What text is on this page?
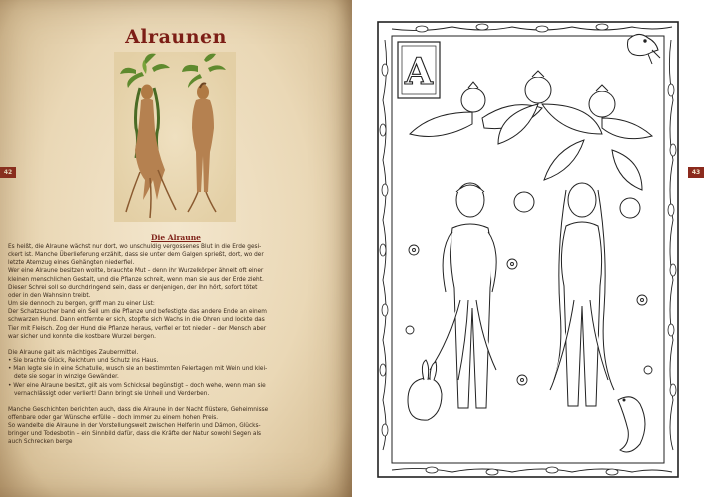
Alraunen
42
Die Alraune

Es heißt, die Alraune wächst nur dort, wo unschuldig vergossenes Blut in die Erde gesi-

ckert ist. Manche Überlieferung erzählt, dass sie unter dem Galgen sprießt, dort, wo der

letzte Atemzug eines Gehängten niederfiel.

Wer eine Alraune besitzen wollte, brauchte Mut – denn ihr Wurzelkörper ähnelt oft einer

kleinen menschlichen Gestalt, und die Pflanze schreit, wenn man sie aus der Erde zieht.

Dieser Schrei soll so durchdringend sein, dass er denjenigen, der ihn hört, sofort tötet

oder in den Wahnsinn treibt.

Um sie dennoch zu bergen, griff man zu einer List:

Der Schatzsucher band ein Seil um die Pflanze und befestigte das andere Ende an einem

schwarzen Hund. Dann entfernte er sich, stopfte sich Wachs in die Ohren und lockte das

Tier mit Fleisch. Zog der Hund die Pflanze heraus, verfiel er tot nieder – der Mensch aber

war sicher und konnte die kostbare Wurzel bergen.

Die Alraune galt als mächtiges Zaubermittel.

• Sie brachte Glück, Reichtum und Schutz ins Haus.

• Man legte sie in eine Schatulle, wusch sie an bestimmten Feiertagen mit Wein und klei-

dete sie sogar in winzige Gewänder.

• Wer eine Alraune besitzt, gilt als vom Schicksal begünstigt – doch wehe, wenn man sie

vernachlässigt oder verliert! Dann bringt sie Unheil und Verderben.

Manche Geschichten berichten auch, dass die Alraune in der Nacht flüstere, Geheimnisse

offenbare oder gar Wünsche erfülle – doch immer zu einem hohen Preis.

So wandelte die Alraune in der Vorstellungswelt zwischen Helferin und Dämon, Glücks-

bringer und Todesbotin – ein Sinnbild dafür, dass die Kräfte der Natur sowohl Segen als

auch Schrecken berge

A
43
